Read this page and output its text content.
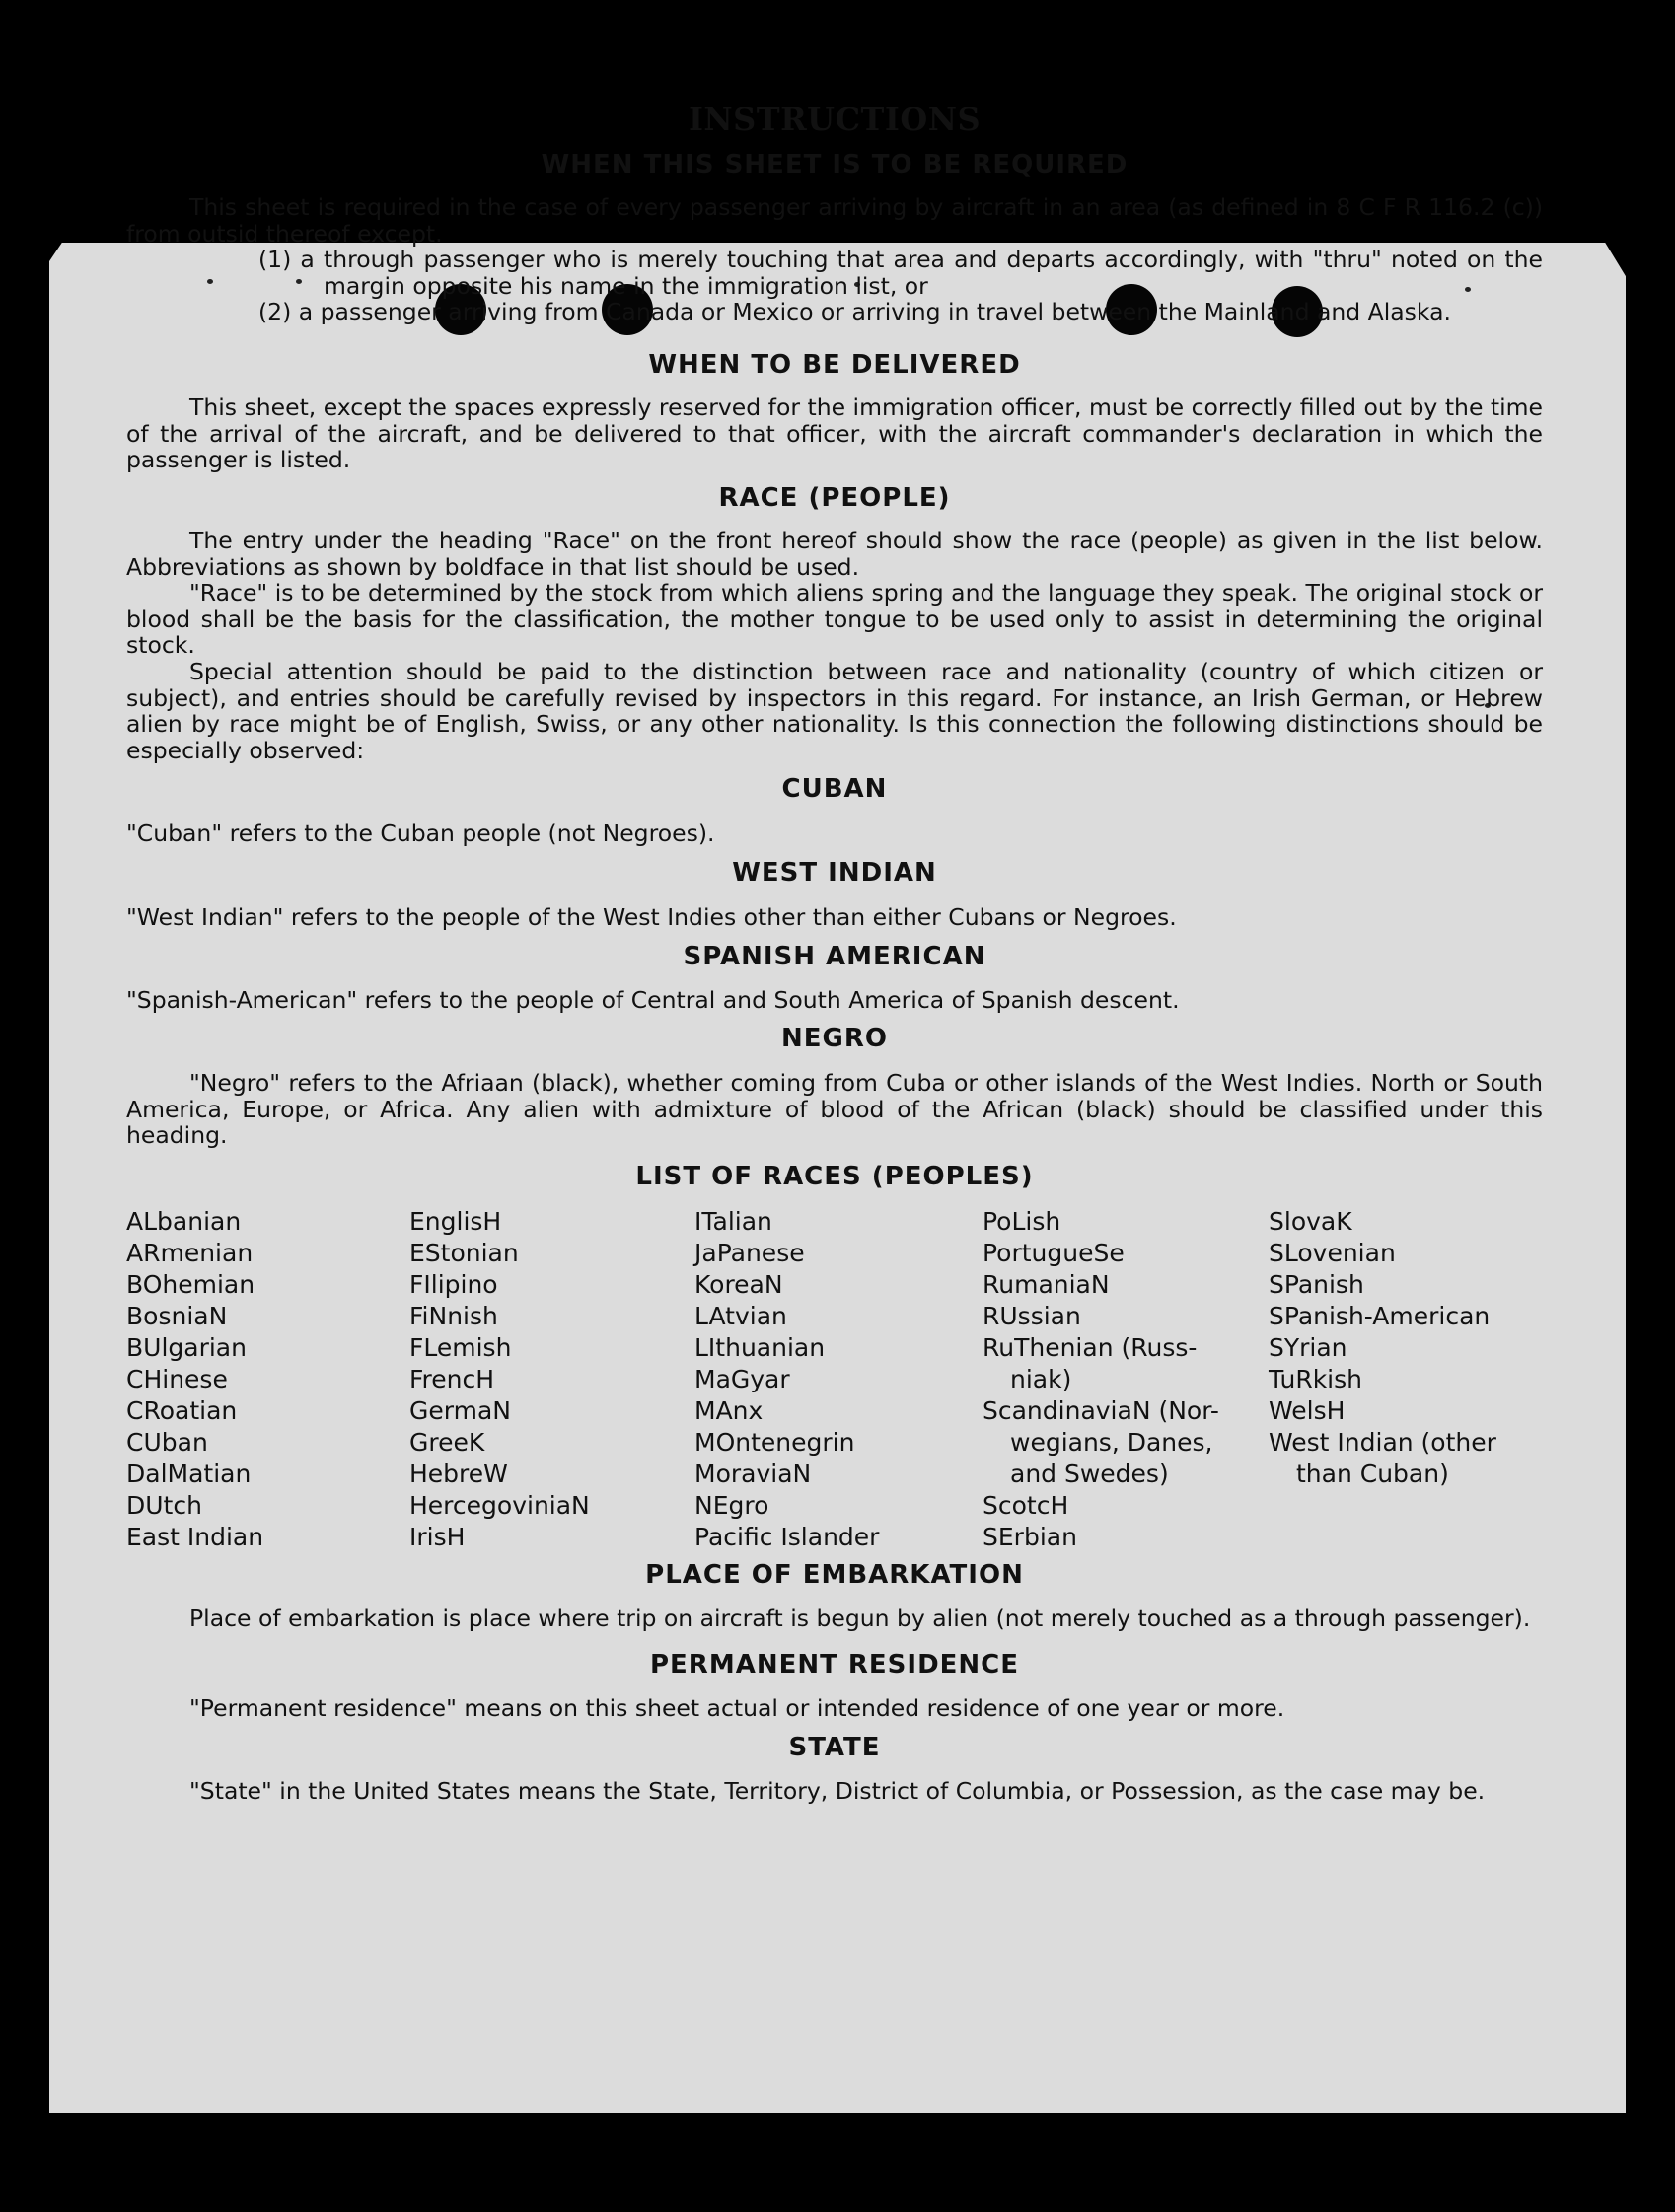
INSTRUCTIONS
WHEN THIS SHEET IS TO BE REQUIRED

This sheet is required in the case of every passenger arriving by aircraft in an area (as defined in 8 C F R 116.2 (c)) from outsid thereof except.

(1) a through passenger who is merely touching that area and departs accordingly, with "thru" noted on the margin opposite his name in the immigration list, or

(2) a passenger arriving from Canada or Mexico or arriving in travel between the Mainland and Alaska.

WHEN TO BE DELIVERED

This sheet, except the spaces expressly reserved for the immigration officer, must be correctly filled out by the time of the arrival of the aircraft, and be delivered to that officer, with the aircraft commander's declaration in which the passenger is listed.

RACE (PEOPLE)

The entry under the heading "Race" on the front hereof should show the race (people) as given in the list below. Abbreviations as shown by boldface in that list should be used.

"Race" is to be determined by the stock from which aliens spring and the language they speak. The original stock or blood shall be the basis for the classification, the mother tongue to be used only to assist in determining the original stock.

Special attention should be paid to the distinction between race and nationality (country of which citizen or subject), and entries should be carefully revised by inspectors in this regard. For instance, an Irish German, or Hebrew alien by race might be of English, Swiss, or any other nationality. Is this connection the following distinctions should be especially observed:

CUBAN

"Cuban" refers to the Cuban people (not Negroes).

WEST INDIAN

"West Indian" refers to the people of the West Indies other than either Cubans or Negroes.

SPANISH AMERICAN

"Spanish-American" refers to the people of Central and South America of Spanish descent.

NEGRO

"Negro" refers to the Afriaan (black), whether coming from Cuba or other islands of the West Indies. North or South America, Europe, or Africa. Any alien with admixture of blood of the African (black) should be classified under this heading.

LIST OF RACES (PEOPLES)
ALbanian
ARmenian
BOhemian
BosniaN
BUlgarian
CHinese
CRoatian
CUban
DalMatian
DUtch
East Indian
EnglisH
EStonian
FIlipino
FiNnish
FLemish
FrencH
GermaN
GreeK
HebreW
HercegoviniaN
IrisH
ITalian
JaPanese
KoreaN
LAtvian
LIthuanian
MaGyar
MAnx
MOntenegrin
MoraviaN
NEgro
Pacific Islander
PoLish
PortugueSe
RumaniaN
RUssian
RuThenian (Russ-
niak)
ScandinaviaN (Nor-
wegians, Danes,
and Swedes)
ScotcH
SErbian
SlovaK
SLovenian
SPanish
SPanish-American
SYrian
TuRkish
WelsH
West Indian (other
than Cuban)
PLACE OF EMBARKATION

Place of embarkation is place where trip on aircraft is begun by alien (not merely touched as a through passenger).

PERMANENT RESIDENCE

"Permanent residence" means on this sheet actual or intended residence of one year or more.

STATE

"State" in the United States means the State, Territory, District of Columbia, or Possession, as the case may be.
